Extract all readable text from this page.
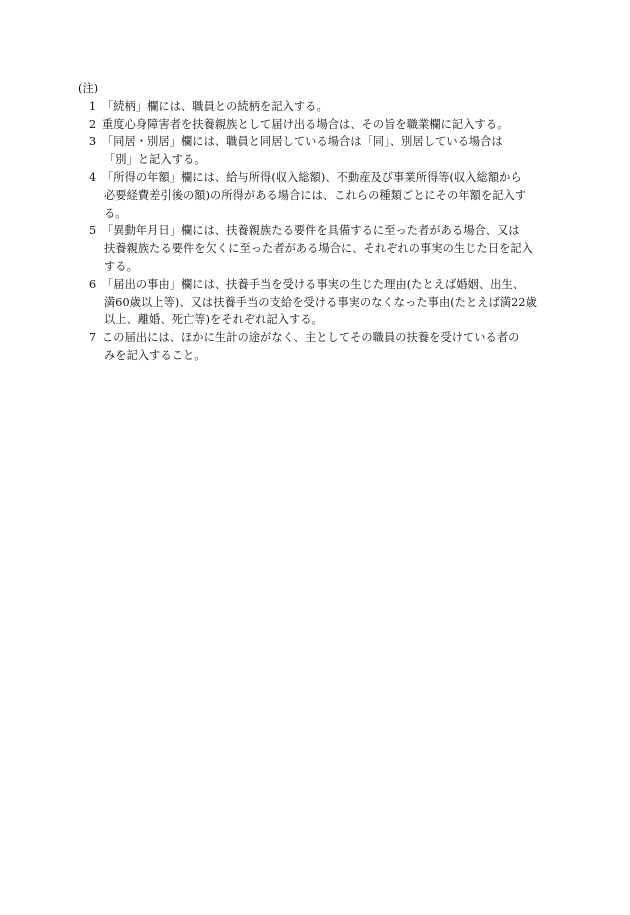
(注)

1 「続柄」欄には、職員との続柄を記入する。
2 重度心身障害者を扶養親族として届け出る場合は、その旨を職業欄に記入する。
3 「同居・別居」欄には、職員と同居している場合は「同」、別居している場合は
「別」と記入する。
4 「所得の年額」欄には、給与所得(収入総額)、不動産及び事業所得等(収入総額から
必要経費差引後の額)の所得がある場合には、これらの種類ごとにその年額を記入す
る。
5 「異動年月日」欄には、扶養親族たる要件を具備するに至った者がある場合、又は
扶養親族たる要件を欠くに至った者がある場合に、それぞれの事実の生じた日を記入
する。
6 「届出の事由」欄には、扶養手当を受ける事実の生じた理由(たとえば婚姻、出生、
満60歳以上等)、又は扶養手当の支給を受ける事実のなくなった事由(たとえば満22歳
以上、離婚、死亡等)をそれぞれ記入する。
7 この届出には、ほかに生計の途がなく、主としてその職員の扶養を受けている者の
みを記入すること。
